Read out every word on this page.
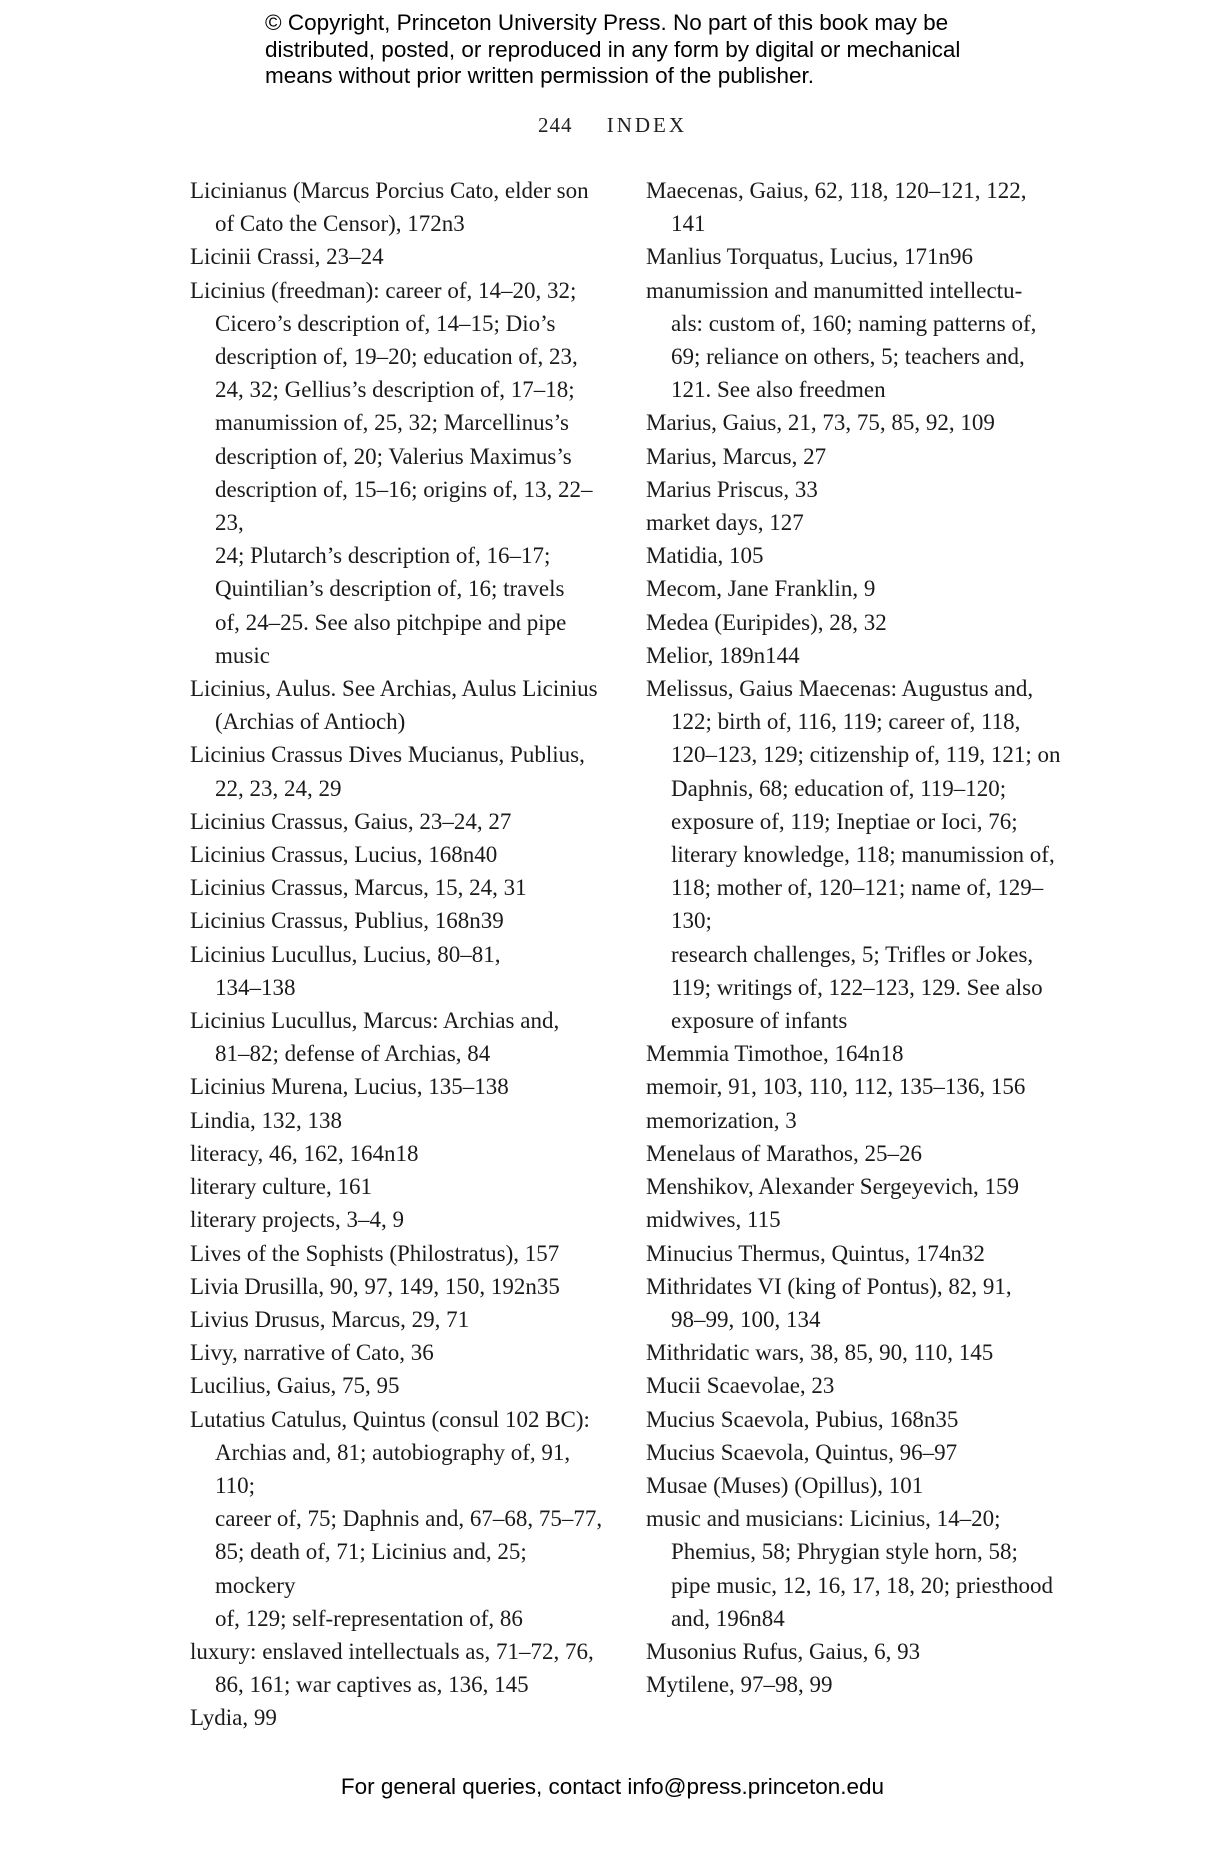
© Copyright, Princeton University Press. No part of this book may be
distributed, posted, or reproduced in any form by digital or mechanical
means without prior written permission of the publisher.
244 INDEX
Licinianus (Marcus Porcius Cato, elder son
of Cato the Censor), 172n3
Licinii Crassi, 23–24
Licinius (freedman): career of, 14–20, 32;
Cicero’s description of, 14–15; Dio’s
description of, 19–20; education of, 23,
24, 32; Gellius’s description of, 17–18;
manumission of, 25, 32; Marcellinus’s
description of, 20; Valerius Maximus’s
description of, 15–16; origins of, 13, 22–23,
24; Plutarch’s description of, 16–17;
Quintilian’s description of, 16; travels
of, 24–25. See also pitchpipe and pipe
music
Licinius, Aulus. See Archias, Aulus Licinius
(Archias of Antioch)
Licinius Crassus Dives Mucianus, Publius,
22, 23, 24, 29
Licinius Crassus, Gaius, 23–24, 27
Licinius Crassus, Lucius, 168n40
Licinius Crassus, Marcus, 15, 24, 31
Licinius Crassus, Publius, 168n39
Licinius Lucullus, Lucius, 80–81,
134–138
Licinius Lucullus, Marcus: Archias and,
81–82; defense of Archias, 84
Licinius Murena, Lucius, 135–138
Lindia, 132, 138
literacy, 46, 162, 164n18
literary culture, 161
literary projects, 3–4, 9
Lives of the Sophists (Philostratus), 157
Livia Drusilla, 90, 97, 149, 150, 192n35
Livius Drusus, Marcus, 29, 71
Livy, narrative of Cato, 36
Lucilius, Gaius, 75, 95
Lutatius Catulus, Quintus (consul 102 BC):
Archias and, 81; autobiography of, 91, 110;
career of, 75; Daphnis and, 67–68, 75–77,
85; death of, 71; Licinius and, 25; mockery
of, 129; self-representation of, 86
luxury: enslaved intellectuals as, 71–72, 76,
86, 161; war captives as, 136, 145
Lydia, 99
Maecenas, Gaius, 62, 118, 120–121, 122, 141
Manlius Torquatus, Lucius, 171n96
manumission and manumitted intellectu-
als: custom of, 160; naming patterns of,
69; reliance on others, 5; teachers and,
121. See also freedmen
Marius, Gaius, 21, 73, 75, 85, 92, 109
Marius, Marcus, 27
Marius Priscus, 33
market days, 127
Matidia, 105
Mecom, Jane Franklin, 9
Medea (Euripides), 28, 32
Melior, 189n144
Melissus, Gaius Maecenas: Augustus and,
122; birth of, 116, 119; career of, 118,
120–123, 129; citizenship of, 119, 121; on
Daphnis, 68; education of, 119–120;
exposure of, 119; Ineptiae or Ioci, 76;
literary knowledge, 118; manumission of,
118; mother of, 120–121; name of, 129–130;
research challenges, 5; Trifles or Jokes,
119; writings of, 122–123, 129. See also
exposure of infants
Memmia Timothoe, 164n18
memoir, 91, 103, 110, 112, 135–136, 156
memorization, 3
Menelaus of Marathos, 25–26
Menshikov, Alexander Sergeyevich, 159
midwives, 115
Minucius Thermus, Quintus, 174n32
Mithridates VI (king of Pontus), 82, 91,
98–99, 100, 134
Mithridatic wars, 38, 85, 90, 110, 145
Mucii Scaevolae, 23
Mucius Scaevola, Pubius, 168n35
Mucius Scaevola, Quintus, 96–97
Musae (Muses) (Opillus), 101
music and musicians: Licinius, 14–20;
Phemius, 58; Phrygian style horn, 58;
pipe music, 12, 16, 17, 18, 20; priesthood
and, 196n84
Musonius Rufus, Gaius, 6, 93
Mytilene, 97–98, 99
For general queries, contact info@press.princeton.edu
